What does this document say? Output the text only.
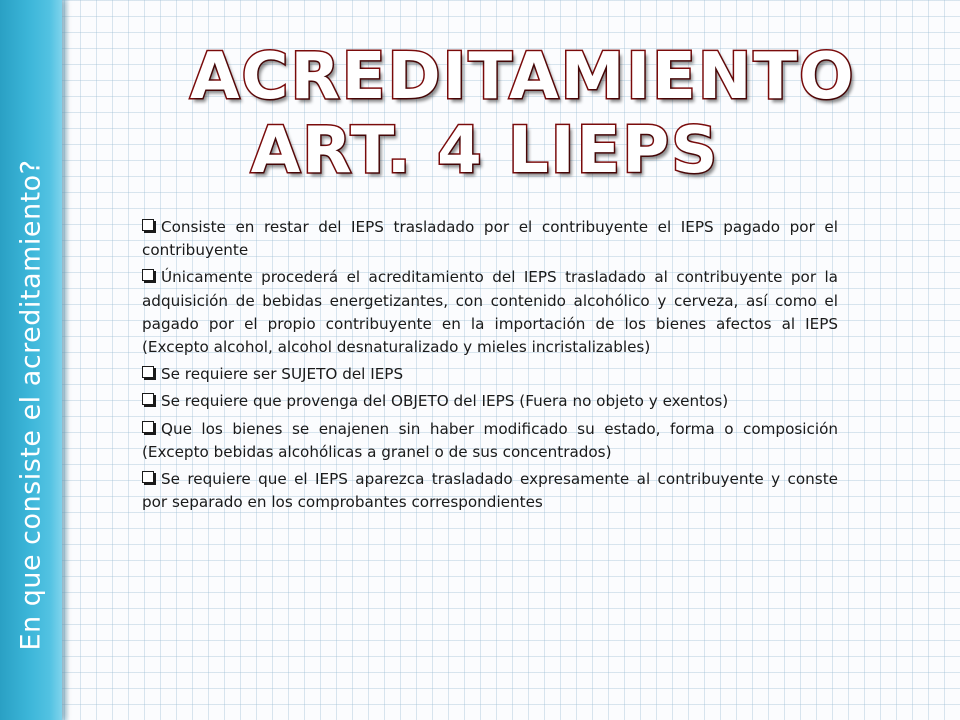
En que consiste el acreditamiento?
ACREDITAMIENTO
ART. 4 LIEPS
Consiste en restar del IEPS trasladado por el contribuyente el IEPS pagado por el contribuyente
Únicamente procederá el acreditamiento del IEPS trasladado al contribuyente por la adquisición de bebidas energetizantes, con contenido alcohólico y cerveza, así como el pagado por el propio contribuyente en la importación de los bienes afectos al IEPS (Excepto alcohol, alcohol desnaturalizado y mieles incristalizables)
Se requiere ser SUJETO del IEPS
Se requiere que provenga del OBJETO del IEPS (Fuera no objeto y exentos)
Que los bienes se enajenen sin haber modificado su estado, forma o composición (Excepto bebidas alcohólicas a granel o de sus concentrados)
Se requiere que el IEPS aparezca trasladado expresamente al contribuyente y conste por separado en los comprobantes correspondientes
